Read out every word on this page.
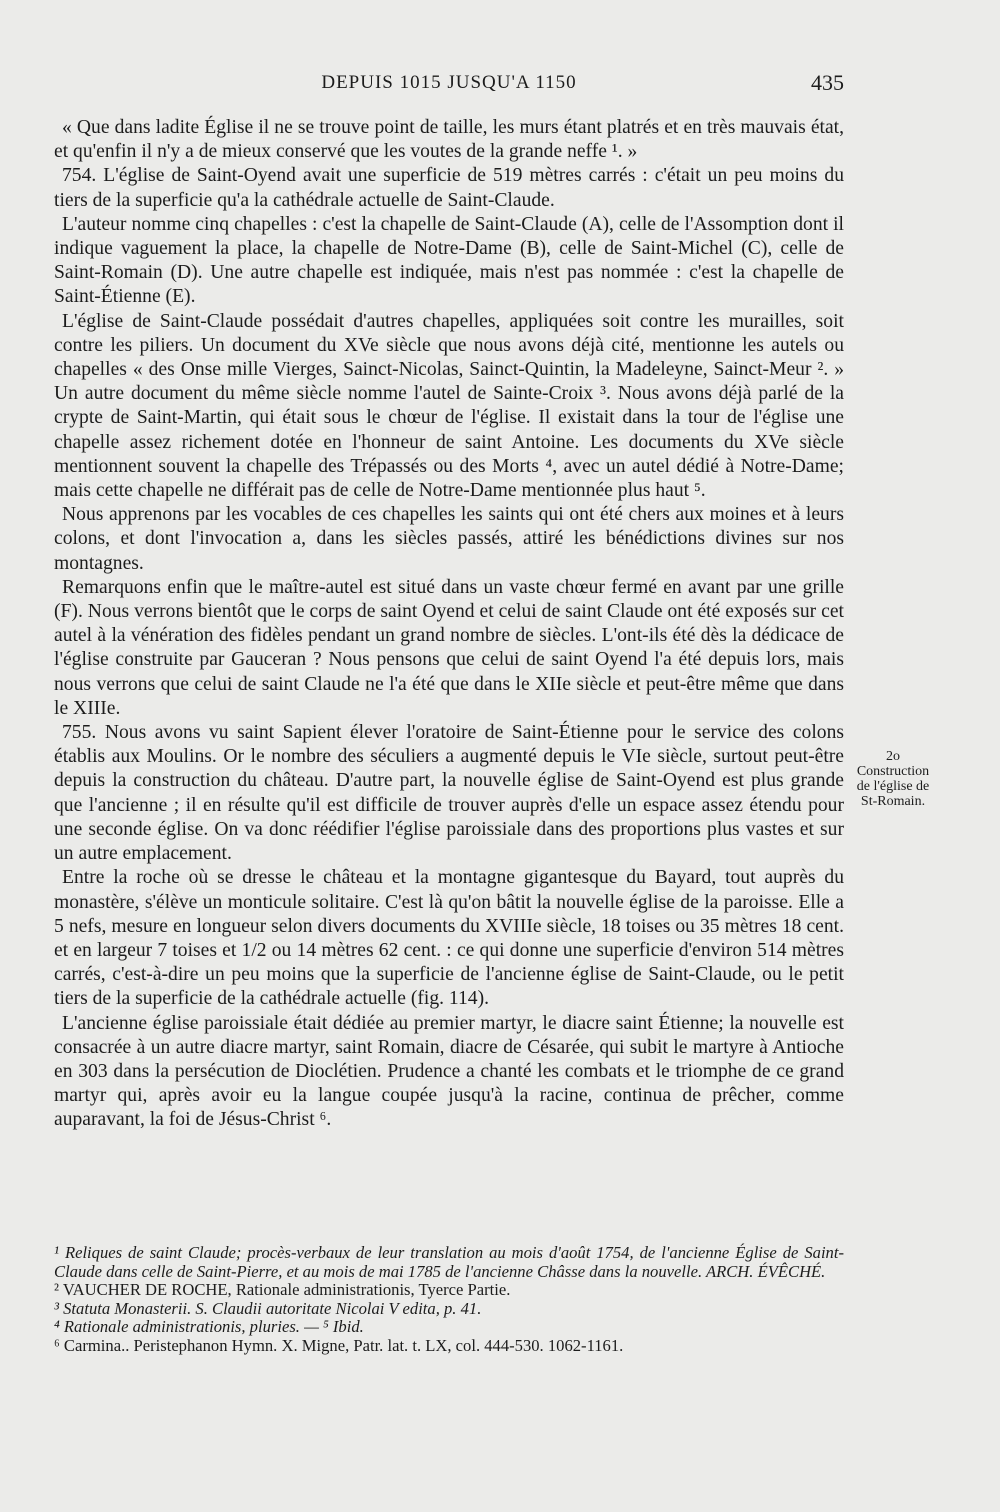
DEPUIS 1015 JUSQU'A 1150	435

« Que dans ladite Église il ne se trouve point de taille, les murs étant platrés et en très mauvais état, et qu'enfin il n'y a de mieux conservé que les voutes de la grande neffe ¹. »

754. L'église de Saint-Oyend avait une superficie de 519 mètres carrés : c'était un peu moins du tiers de la superficie qu'a la cathédrale actuelle de Saint-Claude.

L'auteur nomme cinq chapelles : c'est la chapelle de Saint-Claude (A), celle de l'Assomption dont il indique vaguement la place, la chapelle de Notre-Dame (B), celle de Saint-Michel (C), celle de Saint-Romain (D). Une autre chapelle est indiquée, mais n'est pas nommée : c'est la chapelle de Saint-Étienne (E).

L'église de Saint-Claude possédait d'autres chapelles, appliquées soit contre les murailles, soit contre les piliers. Un document du XVe siècle que nous avons déjà cité, mentionne les autels ou chapelles « des Onse mille Vierges, Sainct-Nicolas, Sainct-Quintin, la Madeleyne, Sainct-Meur ². » Un autre document du même siècle nomme l'autel de Sainte-Croix ³. Nous avons déjà parlé de la crypte de Saint-Martin, qui était sous le chœur de l'église. Il existait dans la tour de l'église une chapelle assez richement dotée en l'honneur de saint Antoine. Les documents du XVe siècle mentionnent souvent la chapelle des Trépassés ou des Morts ⁴, avec un autel dédié à Notre-Dame; mais cette chapelle ne différait pas de celle de Notre-Dame mentionnée plus haut ⁵.

Nous apprenons par les vocables de ces chapelles les saints qui ont été chers aux moines et à leurs colons, et dont l'invocation a, dans les siècles passés, attiré les bénédictions divines sur nos montagnes.

Remarquons enfin que le maître-autel est situé dans un vaste chœur fermé en avant par une grille (F). Nous verrons bientôt que le corps de saint Oyend et celui de saint Claude ont été exposés sur cet autel à la vénération des fidèles pendant un grand nombre de siècles. L'ont-ils été dès la dédicace de l'église construite par Gauceran ? Nous pensons que celui de saint Oyend l'a été depuis lors, mais nous verrons que celui de saint Claude ne l'a été que dans le XIIe siècle et peut-être même que dans le XIIIe.

755. Nous avons vu saint Sapient élever l'oratoire de Saint-Étienne pour le service des colons établis aux Moulins. Or le nombre des séculiers a augmenté depuis le VIe siècle, surtout peut-être depuis la construction du château. D'autre part, la nouvelle église de Saint-Oyend est plus grande que l'ancienne ; il en résulte qu'il est difficile de trouver auprès d'elle un espace assez étendu pour une seconde église. On va donc réédifier l'église paroissiale dans des proportions plus vastes et sur un autre emplacement.

Entre la roche où se dresse le château et la montagne gigantesque du Bayard, tout auprès du monastère, s'élève un monticule solitaire. C'est là qu'on bâtit la nouvelle église de la paroisse. Elle a 5 nefs, mesure en longueur selon divers documents du XVIIIe siècle, 18 toises ou 35 mètres 18 cent. et en largeur 7 toises et 1/2 ou 14 mètres 62 cent. : ce qui donne une superficie d'environ 514 mètres carrés, c'est-à-dire un peu moins que la superficie de l'ancienne église de Saint-Claude, ou le petit tiers de la superficie de la cathédrale actuelle (fig. 114).

L'ancienne église paroissiale était dédiée au premier martyr, le diacre saint Étienne; la nouvelle est consacrée à un autre diacre martyr, saint Romain, diacre de Césarée, qui subit le martyre à Antioche en 303 dans la persécution de Dioclétien. Prudence a chanté les combats et le triomphe de ce grand martyr qui, après avoir eu la langue coupée jusqu'à la racine, continua de prêcher, comme auparavant, la foi de Jésus-Christ ⁶.

2o Construction de l'église de St-Romain.

¹ Reliques de saint Claude; procès-verbaux de leur translation au mois d'août 1754, de l'ancienne Église de Saint-Claude dans celle de Saint-Pierre, et au mois de mai 1785 de l'ancienne Châsse dans la nouvelle. ARCH. ÉVÊCHÉ.

² VAUCHER DE ROCHE, Rationale administrationis, Tyerce Partie.

³ Statuta Monasterii. S. Claudii autoritate Nicolai V edita, p. 41.

⁴ Rationale administrationis, pluries. — ⁵ Ibid.

⁶ Carmina.. Peristephanon Hymn. X. Migne, Patr. lat. t. LX, col. 444-530. 1062-1161.
